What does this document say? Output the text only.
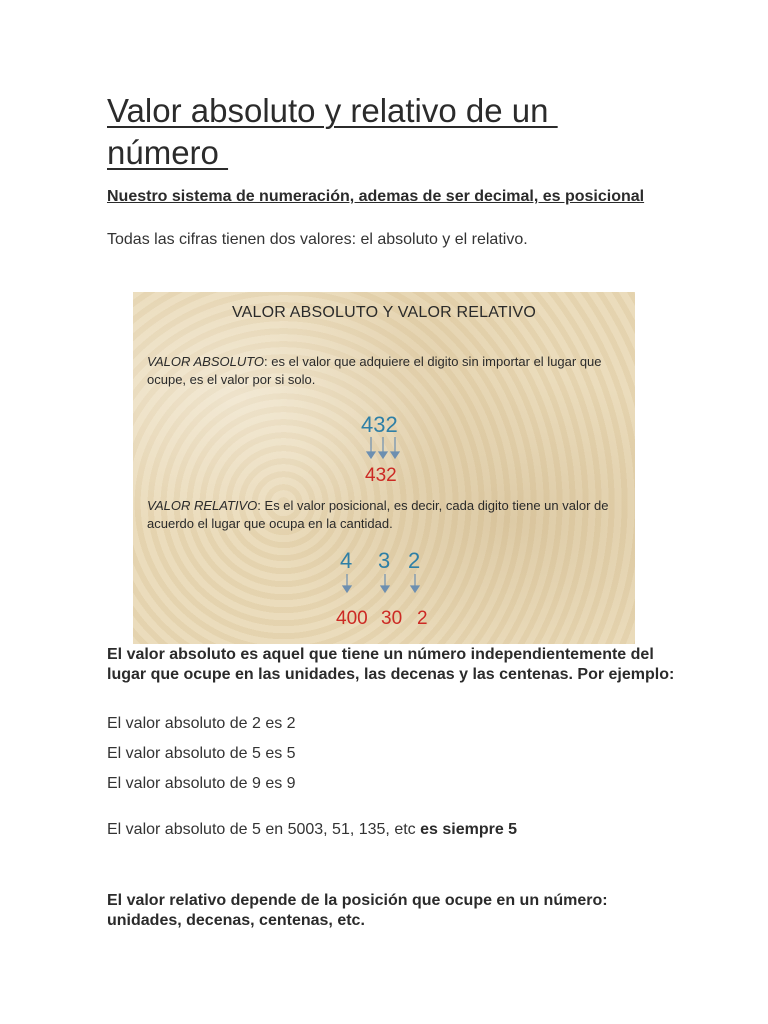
Valor absoluto y relativo de un número

Nuestro sistema de numeración, ademas de ser decimal, es posicional

Todas las cifras tienen dos valores: el absoluto y el relativo.

VALOR ABSOLUTO Y VALOR RELATIVO
VALOR ABSOLUTO: es el valor que adquiere el digito sin importar el lugar que ocupe, es el valor por si solo.
432
432
VALOR RELATIVO: Es el valor posicional, es decir, cada digito tiene un valor de acuerdo el lugar que ocupa en la cantidad.
4 3 2
400 30 2

El valor absoluto es aquel que tiene un número independientemente del lugar que ocupe en las unidades, las decenas y las centenas. Por ejemplo:

El valor absoluto de 2 es 2

El valor absoluto de 5 es 5

El valor absoluto de 9 es 9

El valor absoluto de 5 en 5003, 51, 135, etc es siempre 5

El valor relativo depende de la posición que ocupe en un número: unidades, decenas, centenas, etc.
